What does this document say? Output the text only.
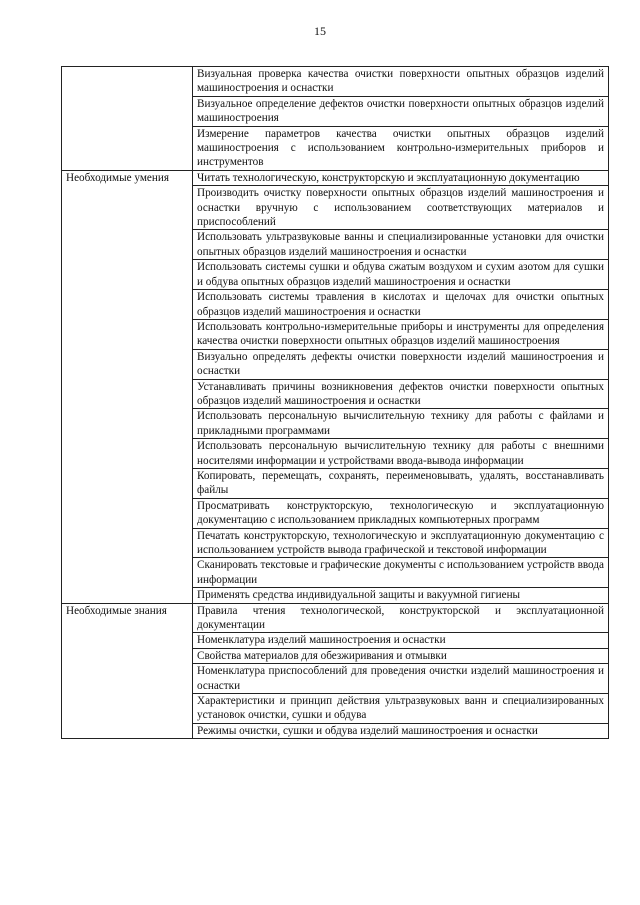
15
	Визуальная проверка качества очистки поверхности опытных образцов изделий машиностроения и оснастки
	Визуальное определение дефектов очистки поверхности опытных образцов изделий машиностроения
	Измерение параметров качества очистки опытных образцов изделий машиностроения с использованием контрольно-измерительных приборов и инструментов

Необходимые умения	Читать технологическую, конструкторскую и эксплуатационную документацию
	Производить очистку поверхности опытных образцов изделий машиностроения и оснастки вручную с использованием соответствующих материалов и приспособлений
	Использовать ультразвуковые ванны и специализированные установки для очистки опытных образцов изделий машиностроения и оснастки
	Использовать системы сушки и обдува сжатым воздухом и сухим азотом для сушки и обдува опытных образцов изделий машиностроения и оснастки
	Использовать системы травления в кислотах и щелочах для очистки опытных образцов изделий машиностроения и оснастки
	Использовать контрольно-измерительные приборы и инструменты для определения качества очистки поверхности опытных образцов изделий машиностроения
	Визуально определять дефекты очистки поверхности изделий машиностроения и оснастки
	Устанавливать причины возникновения дефектов очистки поверхности опытных образцов изделий машиностроения и оснастки
	Использовать персональную вычислительную технику для работы с файлами и прикладными программами
	Использовать персональную вычислительную технику для работы с внешними носителями информации и устройствами ввода-вывода информации
	Копировать, перемещать, сохранять, переименовывать, удалять, восстанавливать файлы
	Просматривать конструкторскую, технологическую и эксплуатационную документацию с использованием прикладных компьютерных программ
	Печатать конструкторскую, технологическую и эксплуатационную документацию с использованием устройств вывода графической и текстовой информации
	Сканировать текстовые и графические документы с использованием устройств ввода информации
	Применять средства индивидуальной защиты и вакуумной гигиены

Необходимые знания	Правила чтения технологической, конструкторской и эксплуатационной документации
	Номенклатура изделий машиностроения и оснастки
	Свойства материалов для обезжиривания и отмывки
	Номенклатура приспособлений для проведения очистки изделий машиностроения и оснастки
	Характеристики и принцип действия ультразвуковых ванн и специализированных установок очистки, сушки и обдува
	Режимы очистки, сушки и обдува изделий машиностроения и оснастки
